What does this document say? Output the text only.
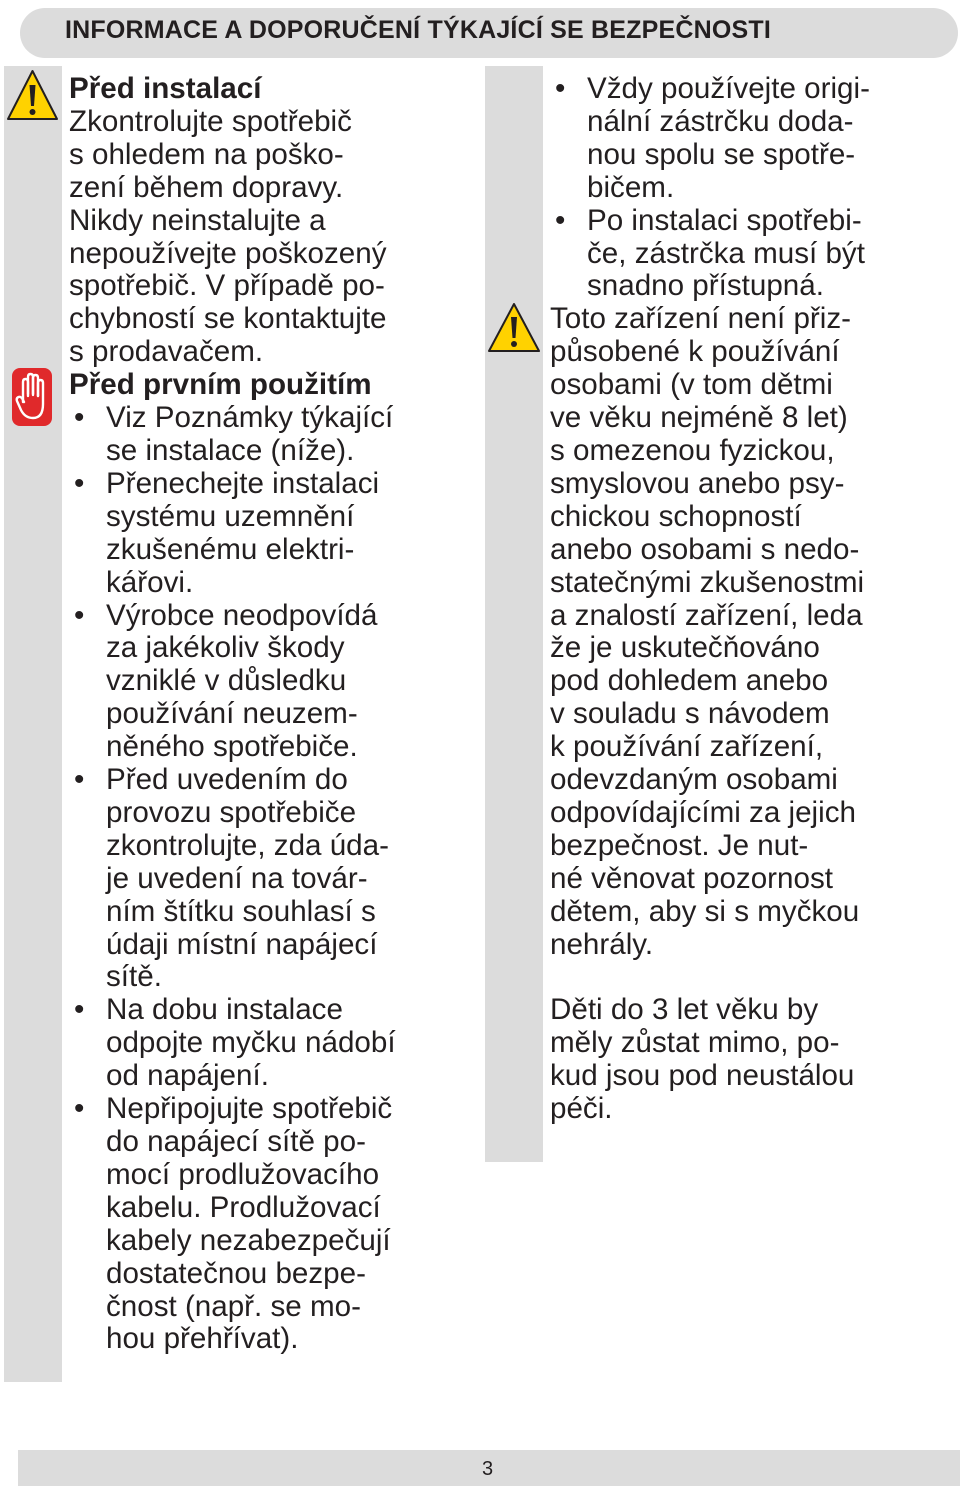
INFORMACE A DOPORUČENÍ TÝKAJÍCÍ SE BEZPEČNOSTI
Před instalací
Zkontrolujte spotřebič
s ohledem na poško-
zení během dopravy.
Nikdy neinstalujte a
nepoužívejte poškozený
spotřebič. V případě po-
chybností se kontaktujte
s prodavačem.
Před prvním použitím
• Viz Poznámky týkající
se instalace (níže).
• Přenechejte instalaci
systému uzemnění
zkušenému elektri-
kářovi.
• Výrobce neodpovídá
za jakékoliv škody
vzniklé v důsledku
používání neuzem-
něného spotřebiče.
• Před uvedením do
provozu spotřebiče
zkontrolujte, zda úda-
je uvedení na továr-
ním štítku souhlasí s
údaji místní napájecí
sítě.
• Na dobu instalace
odpojte myčku nádobí
od napájení.
• Nepřipojujte spotřebič
do napájecí sítě po-
mocí prodlužovacího
kabelu. Prodlužovací
kabely nezabezpečují
dostatečnou bezpe-
čnost (např. se mo-
hou přehřívat).
• Vždy používejte origi-
nální zástrčku doda-
nou spolu se spotře-
bičem.
• Po instalaci spotřebi-
če, zástrčka musí být
snadno přístupná.
Toto zařízení není přiz-
působené k používání
osobami (v tom dětmi
ve věku nejméně 8 let)
s omezenou fyzickou,
smyslovou anebo psy-
chickou schopností
anebo osobami s nedo-
statečnými zkušenostmi
a znalostí zařízení, leda
že je uskutečňováno
pod dohledem anebo
v souladu s návodem
k používání zařízení,
odevzdaným osobami
odpovídajícími za jejich
bezpečnost. Je nut-
né věnovat pozornost
dětem, aby si s myčkou
nehrály.
Děti do 3 let věku by
měly zůstat mimo, po-
kud jsou pod neustálou
péči.
3
